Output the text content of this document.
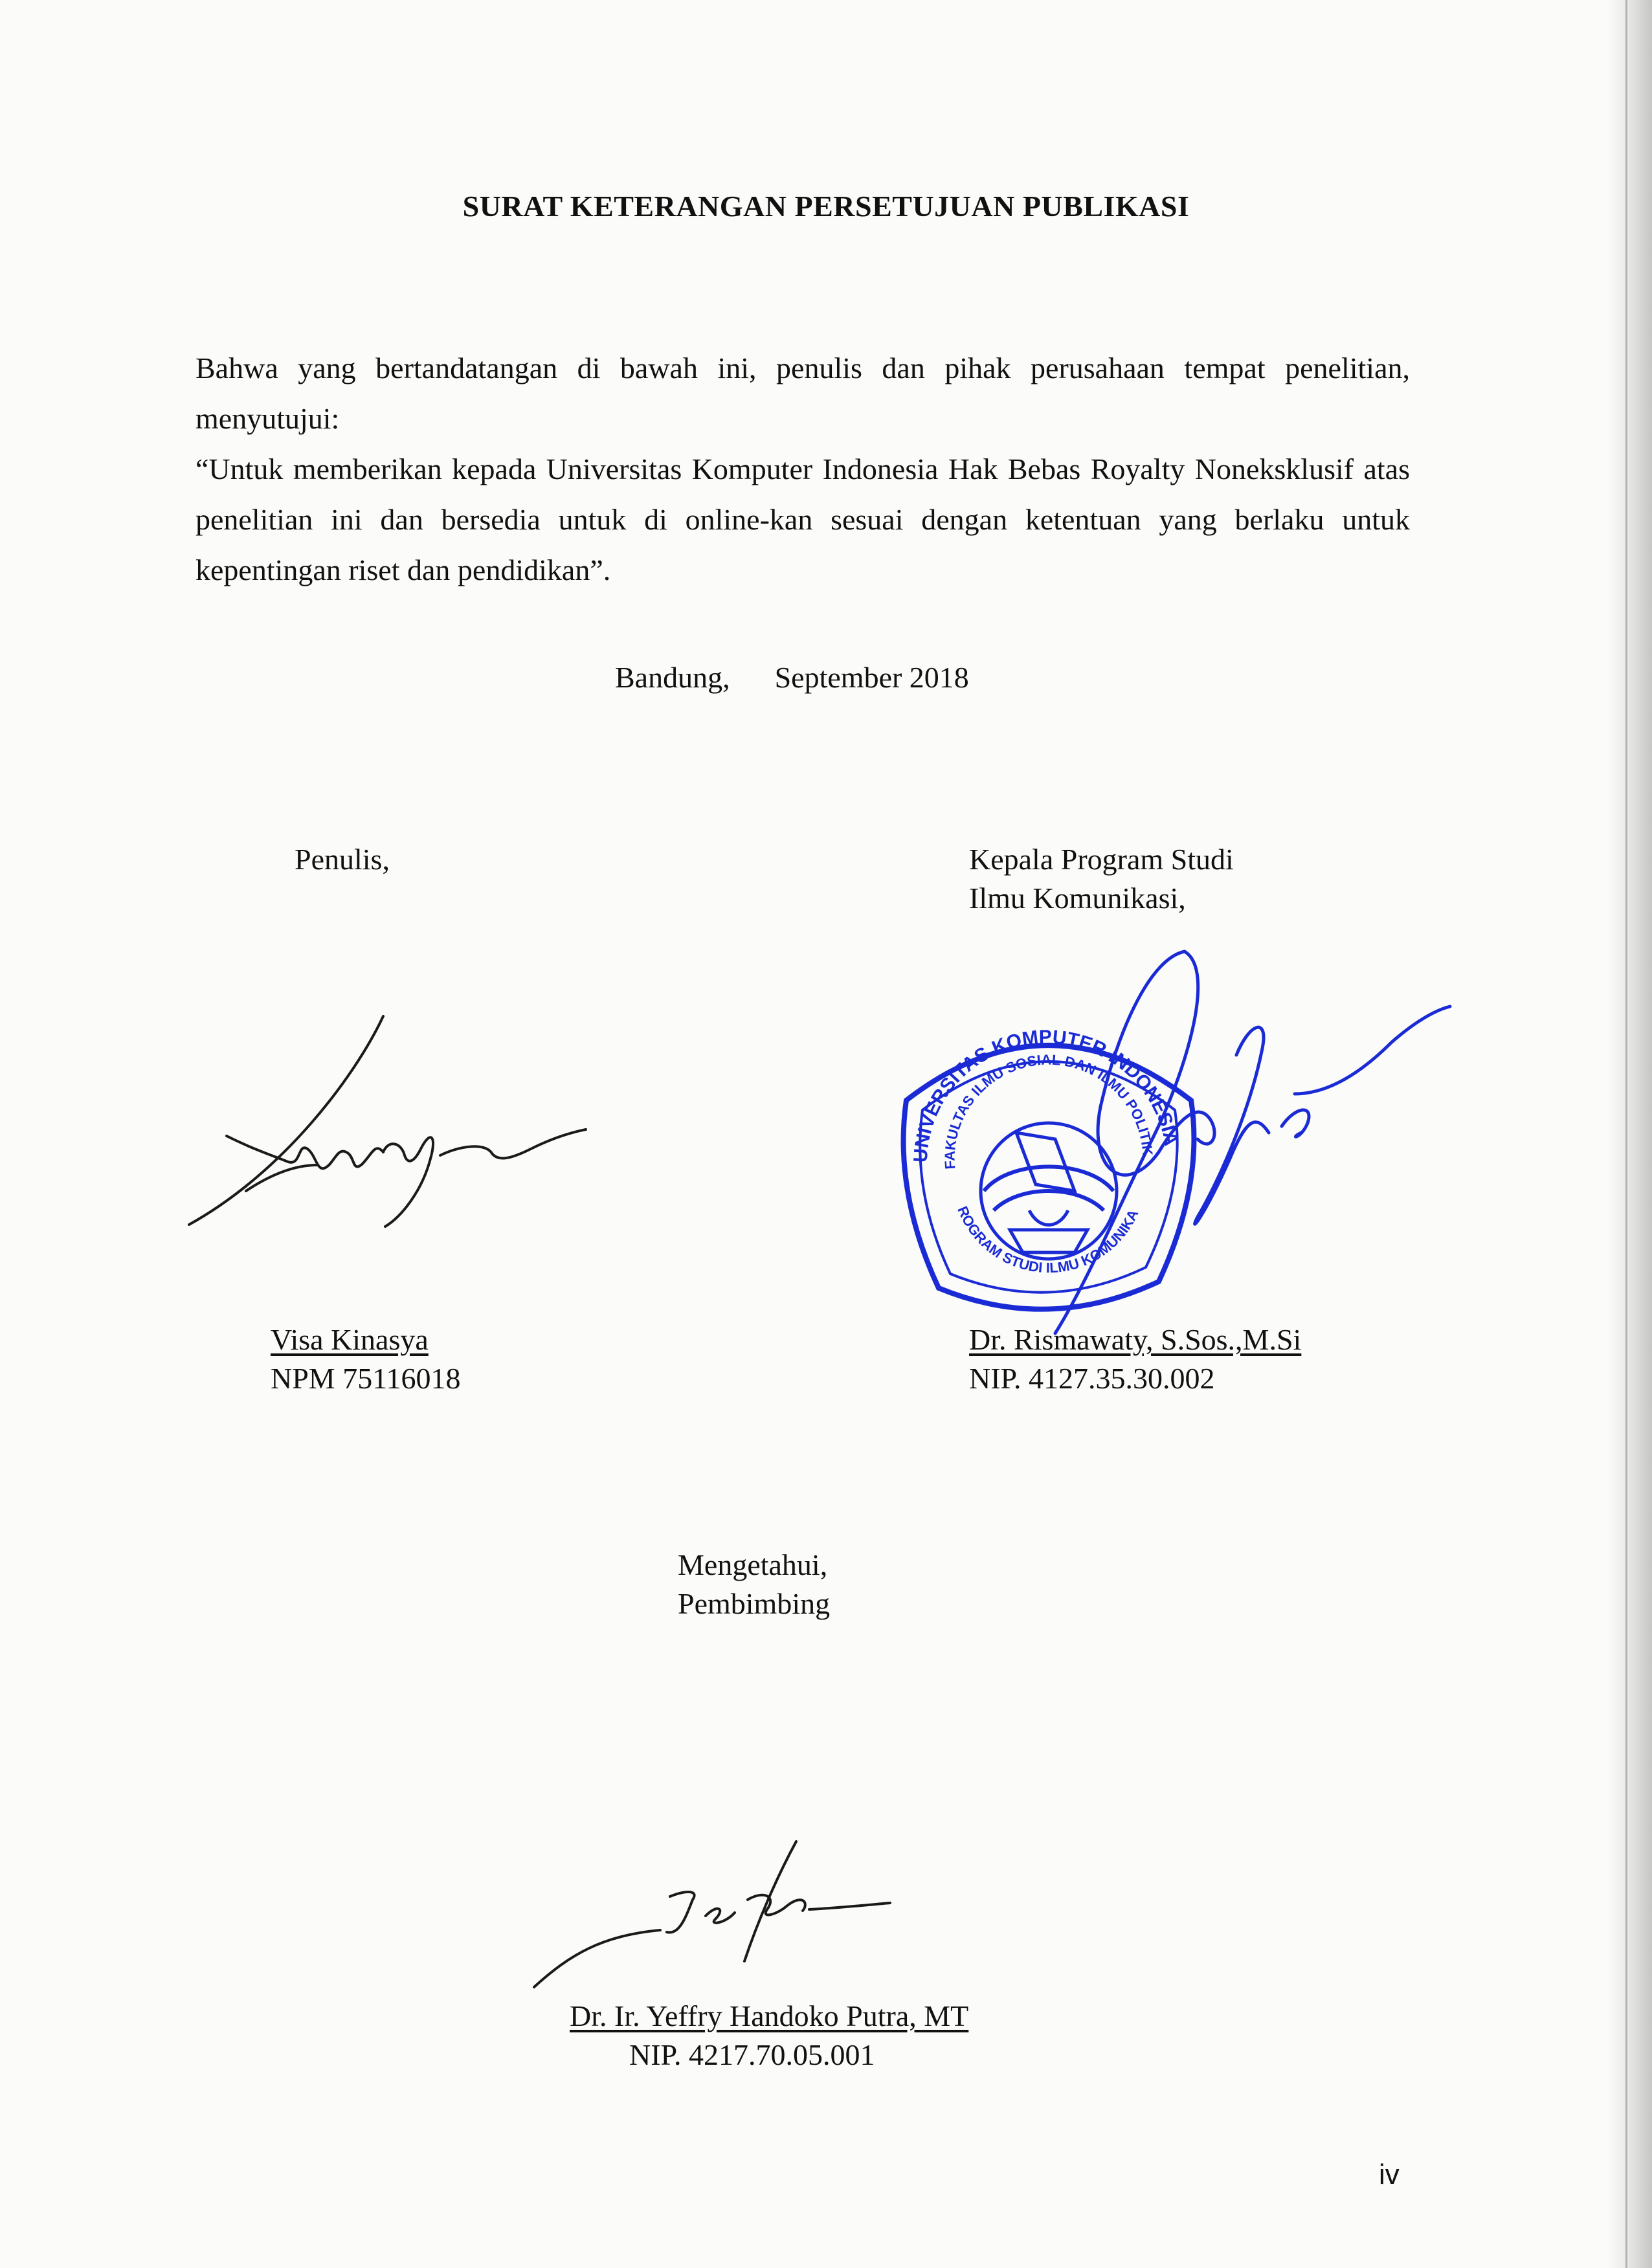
SURAT KETERANGAN PERSETUJUAN PUBLIKASI

Bahwa yang bertandatangan di bawah ini, penulis dan pihak perusahaan tempat penelitian, menyutujui:

“Untuk memberikan kepada Universitas Komputer Indonesia Hak Bebas Royalty Noneksklusif atas penelitian ini dan bersedia untuk di online-kan sesuai dengan ketentuan yang berlaku untuk kepentingan riset dan pendidikan”.

Bandung,      September 2018
Penulis,
Visa Kinasya
NPM 75116018
Kepala Program Studi
Ilmu Komunikasi,
Dr. Rismawaty, S.Sos.,M.Si
NIP. 4127.35.30.002
Mengetahui,
Pembimbing
Dr. Ir. Yeffry Handoko Putra, MT
NIP. 4217.70.05.001
UNIVERSITAS KOMPUTER INDONESIA
FAKULTAS ILMU SOSIAL DAN ILMU POLITIK
PROGRAM STUDI ILMU KOMUNIKASI
iv
